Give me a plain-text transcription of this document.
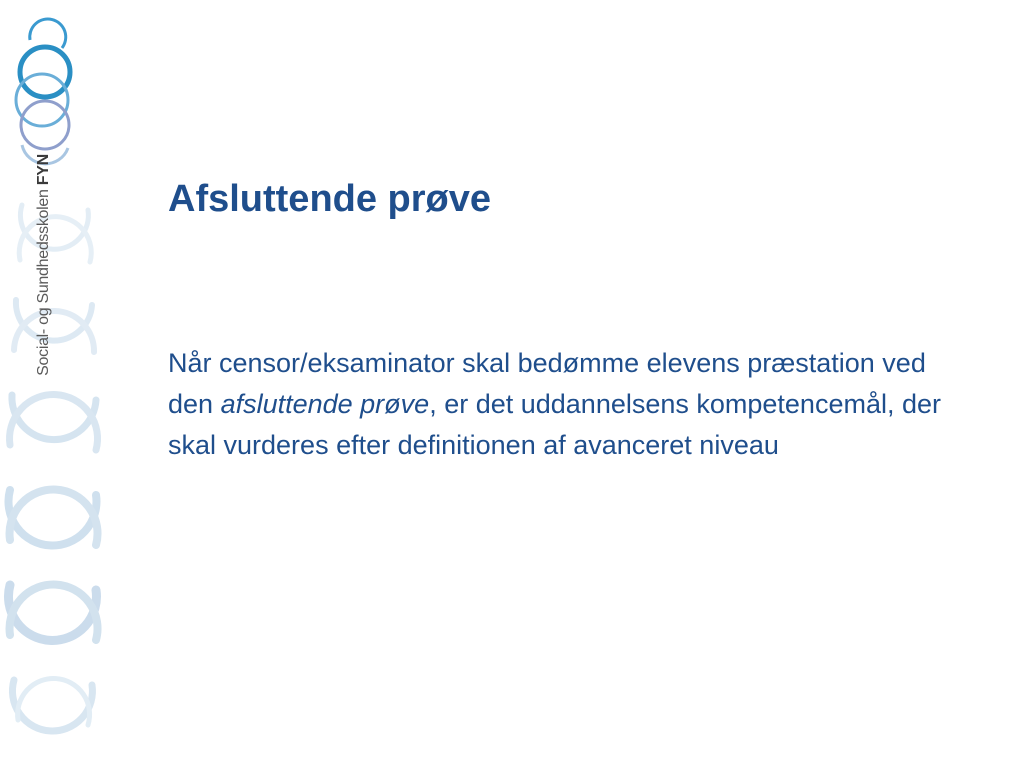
Social- og Sundhedsskolen FYN
Afsluttende prøve

Når censor/eksaminator skal bedømme elevens præstation ved den afsluttende prøve, er det uddannelsens kompetencemål, der skal vurderes efter definitionen af avanceret niveau
